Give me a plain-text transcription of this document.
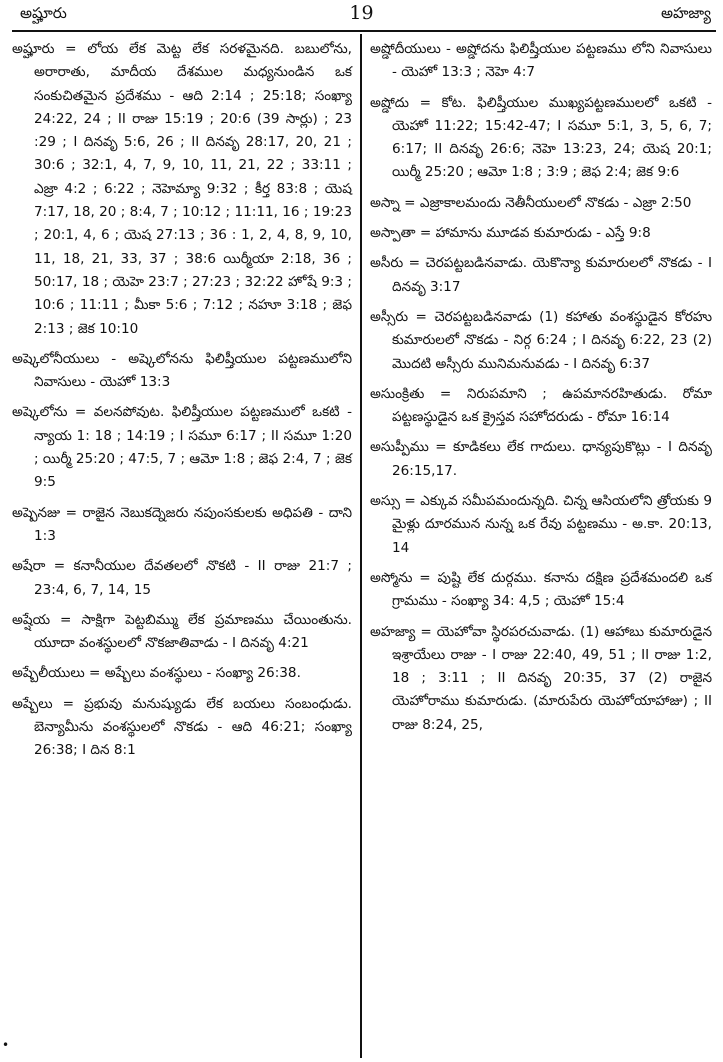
అష్హూరు	19	అహజ్యా

అష్హూరు = లోయ లేక మెట్ట లేక సరళమైనది. బబులోను, అరారాతు, మాదీయ దేశముల మధ్యనుండిన ఒక సంకుచితమైన ప్రదేశము - ఆది 2:14 ; 25:18; సంఖ్యా 24:22, 24 ; II రాజు 15:19 ; 20:6 (39 సార్లు) ; 23 :29 ; I దినవృ 5:6, 26 ; II దినవృ 28:17, 20, 21 ; 30:6 ; 32:1, 4, 7, 9, 10, 11, 21, 22 ; 33:11 ; ఎజ్రా 4:2 ; 6:22 ; నెహెమ్యా 9:32 ; కీర్త 83:8 ; యెష 7:17, 18, 20 ; 8:4, 7 ; 10:12 ; 11:11, 16 ; 19:23 ; 20:1, 4, 6 ; యెష 27:13 ; 36 : 1, 2, 4, 8, 9, 10, 11, 18, 21, 33, 37 ; 38:6 యిర్మీయా 2:18, 36 ; 50:17, 18 ; యెహె 23:7 ; 27:23 ; 32:22 హోషే 9:3 ; 10:6 ; 11:11 ; మీకా 5:6 ; 7:12 ; నహూ 3:18 ; జెఫ 2:13 ; జెక 10:10

అష్కెలోనీయులు - అష్కెలోనను ఫిలిష్తీయుల పట్టణములోని నివాసులు - యెహో 13:3

అష్కెలోను = వలనపోవుట. ఫిలిష్తీయుల పట్టణములో ఒకటి - న్యాయ 1: 18 ; 14:19 ; I సమూ 6:17 ; II సమూ 1:20 ; యిర్మీ 25:20 ; 47:5, 7 ; ఆమో 1:8 ; జెఫ 2:4, 7 ; జెక 9:5

అష్పెనజు = రాజైన నెబుకద్నెజరు నపుంసకులకు అధిపతి - దాని 1:3

అషేరా = కనానీయుల దేవతలలో నొకటి - II రాజు 21:7 ; 23:4, 6, 7, 14, 15

అష్షేయ = సాక్షిగా పెట్టబిమ్ము లేక ప్రమాణము చేయింతును. యూదా వంశస్థులలో నొకజాతివాడు - I దినవృ 4:21

అష్బేలీయులు = అష్బేలు వంశస్థులు - సంఖ్యా 26:38.

అష్బేలు = ప్రభువు మనుష్యుడు లేక బయలు సంబంధుడు. బెన్యామీను వంశస్థులలో నొకడు - ఆది 46:21; సంఖ్యా 26:38; I దిన 8:1

అష్డోదీయులు - అష్డోదను ఫిలిష్తీయుల పట్టణము లోని నివాసులు - యెహో 13:3 ; నెహె 4:7

అష్డోదు = కోట. ఫిలిష్తీయుల ముఖ్యపట్టణములలో ఒకటి - యెహో 11:22; 15:42-47; I సమూ 5:1, 3, 5, 6, 7; 6:17; II దినవృ 26:6; నెహె 13:23, 24; యెష 20:1; యిర్మీ 25:20 ; ఆమో 1:8 ; 3:9 ; జెఫ 2:4; జెక 9:6

అస్నా = ఎజ్రాకాలమందు నెతీనీయులలో నొకడు - ఎజ్రా 2:50

అస్పాతా = హామాను మూడవ కుమారుడు - ఎస్తే 9:8

అసీరు = చెరపట్టబడినవాడు. యెకొన్యా కుమారులలో నొకడు - I దినవృ 3:17

అస్సీరు = చెరపట్టబడినవాడు (1) కహాతు వంశస్థుడైన కోరహు కుమారులలో నొకడు - నిర్గ 6:24 ; I దినవృ 6:22, 23 (2) మొదటి అస్సీరు మునిమనువడు - I దినవృ 6:37

అసుంక్రితు = నిరుపమాని ; ఉపమానరహితుడు. రోమా పట్టణస్థుడైన ఒక క్రైస్తవ సహోదరుడు - రోమా 16:14

అసుప్పీము = కూడికలు లేక గాదులు. ధాన్యపుకొట్లు - I దినవృ 26:15,17.

అస్సు = ఎక్కువ సమీపమందున్నది. చిన్న ఆసియలోని త్రోయకు 9 మైళ్లు దూరమున నున్న ఒక రేవు పట్టణము - అ.కా. 20:13, 14

అస్మోను = పుష్టి లేక దుర్గము. కనాను దక్షిణ ప్రదేశమందలి ఒక గ్రామము - సంఖ్యా 34: 4,5 ; యెహో 15:4

అహజ్యా = యెహోవా స్థిరపరచువాడు. (1) ఆహాబు కుమారుడైన ఇశ్రాయేలు రాజు - I రాజు 22:40, 49, 51 ; II రాజు 1:2, 18 ; 3:11 ; II దినవృ 20:35, 37 (2) రాజైన యెహోరాము కుమారుడు. (మారుపేరు యెహోయాహాజు) ; II రాజు 8:24, 25,

•
